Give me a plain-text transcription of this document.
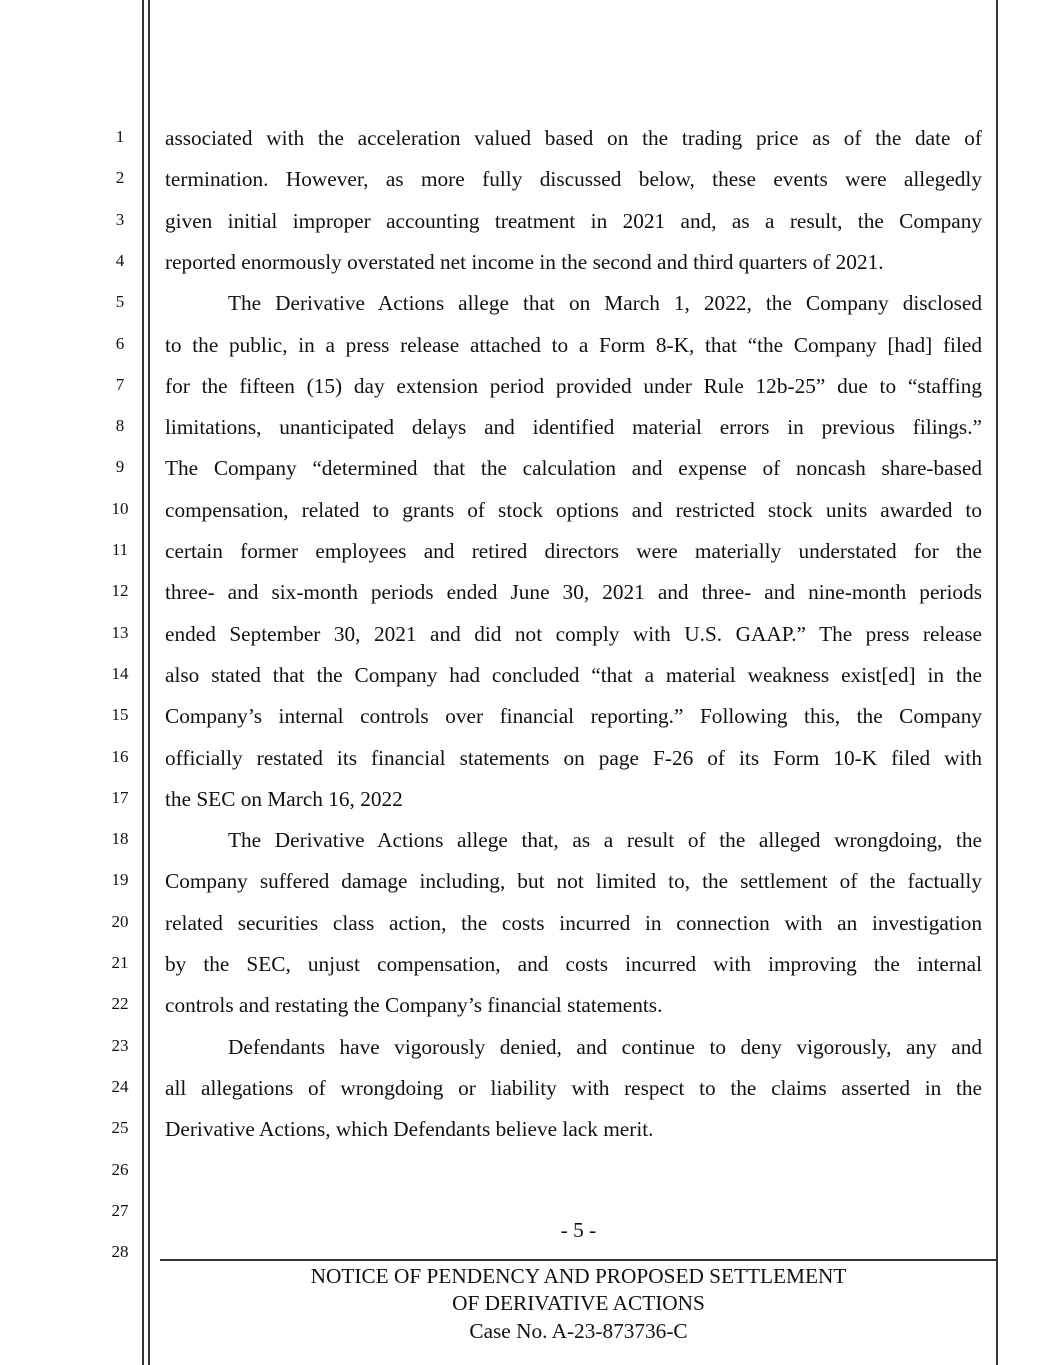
1
2
3
4
5
6
7
8
9
10
11
12
13
14
15
16
17
18
19
20
21
22
23
24
25
26
27
28
associated with the acceleration valued based on the trading price as of the date of
termination. However, as more fully discussed below, these events were allegedly
given initial improper accounting treatment in 2021 and, as a result, the Company
reported enormously overstated net income in the second and third quarters of 2021.
The Derivative Actions allege that on March 1, 2022, the Company disclosed
to the public, in a press release attached to a Form 8-K, that “the Company [had] filed
for the fifteen (15) day extension period provided under Rule 12b-25” due to “staffing
limitations, unanticipated delays and identified material errors in previous filings.”
The Company “determined that the calculation and expense of noncash share-based
compensation, related to grants of stock options and restricted stock units awarded to
certain former employees and retired directors were materially understated for the
three- and six-month periods ended June 30, 2021 and three- and nine-month periods
ended September 30, 2021 and did not comply with U.S. GAAP.” The press release
also stated that the Company had concluded “that a material weakness exist[ed] in the
Company’s internal controls over financial reporting.” Following this, the Company
officially restated its financial statements on page F-26 of its Form 10-K filed with
the SEC on March 16, 2022
The Derivative Actions allege that, as a result of the alleged wrongdoing, the
Company suffered damage including, but not limited to, the settlement of the factually
related securities class action, the costs incurred in connection with an investigation
by the SEC, unjust compensation, and costs incurred with improving the internal
controls and restating the Company’s financial statements.
Defendants have vigorously denied, and continue to deny vigorously, any and
all allegations of wrongdoing or liability with respect to the claims asserted in the
Derivative Actions, which Defendants believe lack merit.
- 5 -
NOTICE OF PENDENCY AND PROPOSED SETTLEMENT
OF DERIVATIVE ACTIONS
Case No. A-23-873736-C
